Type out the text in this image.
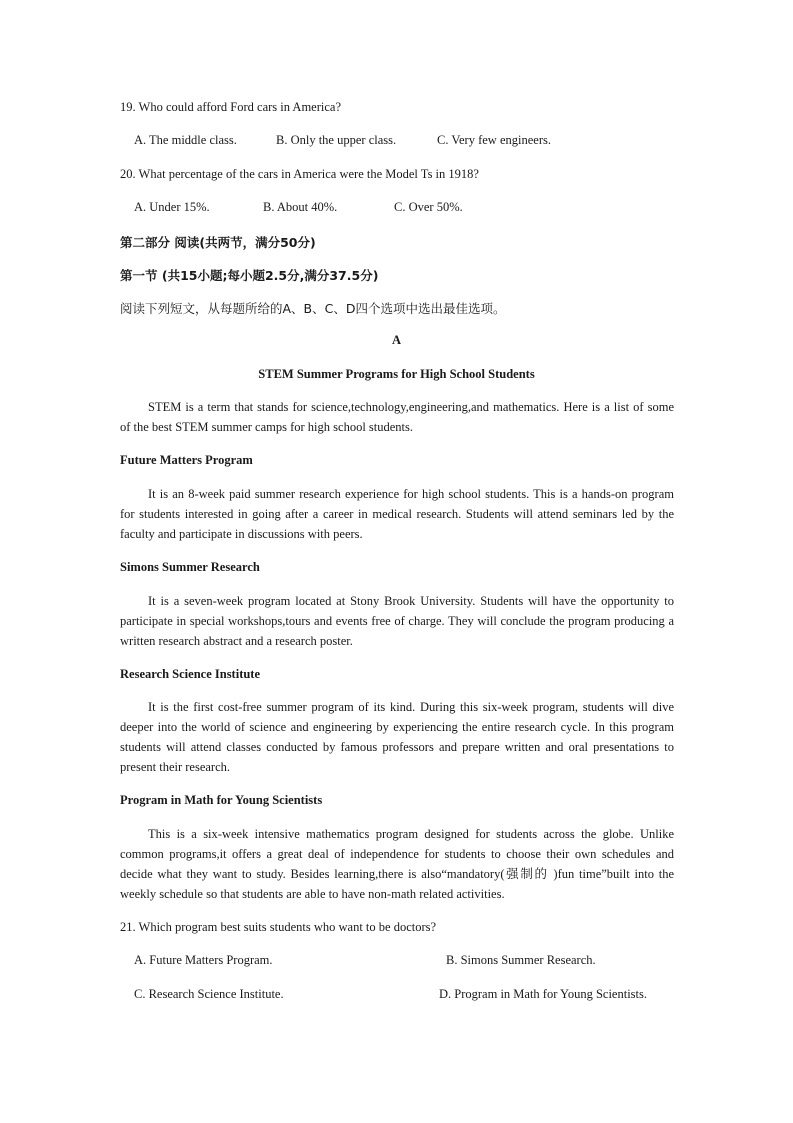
19. Who could afford Ford cars in America?
A. The middle class.	B. Only the upper class.	C. Very few engineers.
20. What percentage of the cars in America were the Model Ts in 1918?
A. Under 15%.	B. About 40%.	C. Over 50%.
第二部分 阅读(共两节，满分50分)
第一节 (共15小题;每小题2.5分,满分37.5分)
阅读下列短文，从每题所给的A、B、C、D四个选项中选出最佳选项。
A
STEM Summer Programs for High School Students
STEM is a term that stands for science,technology,engineering,and mathematics. Here is a list of some of the best STEM summer camps for high school students.
Future Matters Program
It is an 8-week paid summer research experience for high school students. This is a hands-on program for students interested in going after a career in medical research. Students will attend seminars led by the faculty and participate in discussions with peers.
Simons Summer Research
It is a seven-week program located at Stony Brook University. Students will have the opportunity to participate in special workshops,tours and events free of charge. They will conclude the program producing a written research abstract and a research poster.
Research Science Institute
It is the first cost-free summer program of its kind. During this six-week program, students will dive deeper into the world of science and engineering by experiencing the entire research cycle. In this program students will attend classes conducted by famous professors and prepare written and oral presentations to present their research.
Program in Math for Young Scientists
This is a six-week intensive mathematics program designed for students across the globe. Unlike common programs,it offers a great deal of independence for students to choose their own schedules and decide what they want to study. Besides learning,there is also“mandatory(强制的 )fun time”built into the weekly schedule so that students are able to have non-math related activities.
21. Which program best suits students who want to be doctors?
A. Future Matters Program.	B. Simons Summer Research.
C. Research Science Institute.	D. Program in Math for Young Scientists.
